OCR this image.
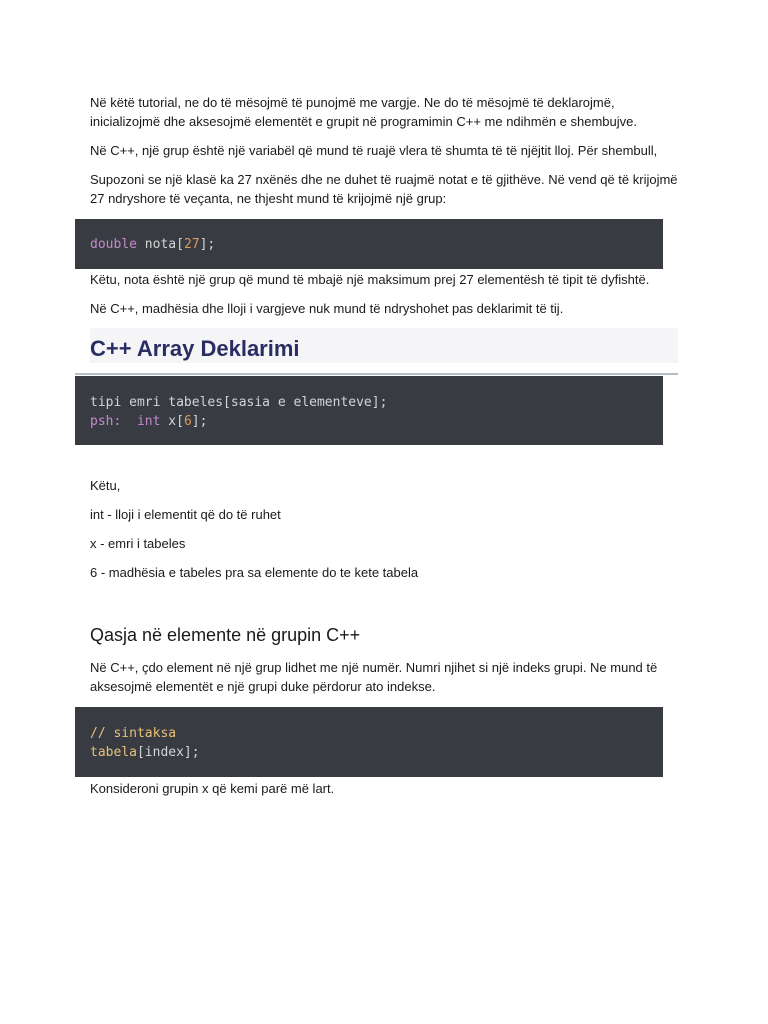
Në këtë tutorial, ne do të mësojmë të punojmë me vargje. Ne do të mësojmë të deklarojmë, inicializojmë dhe aksesojmë elementët e grupit në programimin C++ me ndihmën e shembujve.

Në C++, një grup është një variabël që mund të ruajë vlera të shumta të të njëjtit lloj. Për shembull,

Supozoni se një klasë ka 27 nxënës dhe ne duhet të ruajmë notat e të gjithëve. Në vend që të krijojmë 27 ndryshore të veçanta, ne thjesht mund të krijojmë një grup:

double nota[27];

Këtu, nota është një grup që mund të mbajë një maksimum prej 27 elementësh të tipit të dyfishtë.

Në C++, madhësia dhe lloji i vargjeve nuk mund të ndryshohet pas deklarimit të tij.

C++ Array Deklarimi
tipi emri tabeles[sasia e elementeve];
psh: int x[6];

Këtu,

int - lloji i elementit që do të ruhet

x - emri i tabeles

6 - madhësia e tabeles pra sa elemente do te kete tabela

Qasja në elemente në grupin C++

Në C++, çdo element në një grup lidhet me një numër. Numri njihet si një indeks grupi. Ne mund të aksesojmë elementët e një grupi duke përdorur ato indekse.

// sintaksa
tabela[index];

Konsideroni grupin x që kemi parë më lart.
